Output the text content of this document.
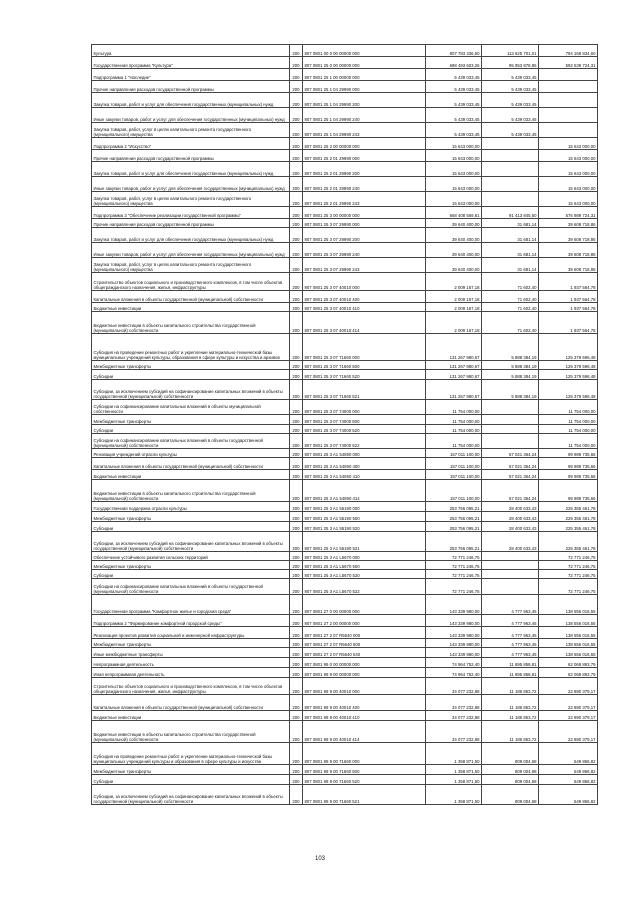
Культура	200	807 0801 00 0 00 00000 000	807 783 336,60	113 625 701,01	794 168 834,60
Государственная программа "Культура"	200	807 0801 25 0 00 00000 000	688 493 603,26	95 953 878,85	592 539 724,31
Подпрограмма 1 "Наследие"	200	807 0801 25 1 00 00000 000	5 439 033,45	5 439 033,45	
Прочие направления расходов государственной программы	200	807 0801 25 1 04 29990 000	5 439 033,45	5 439 033,45	
Закупка товаров, работ и услуг для обеспечения государственных (муниципальных) нужд	200	807 0801 25 1 04 29990 200	5 439 033,45	5 439 033,45	
Иные закупки товаров, работ и услуг для обеспечения государственных (муниципальных) нужд	200	807 0801 25 1 04 29990 240	5 439 033,45	5 439 033,45	
Закупка товаров, работ, услуг в целях капитального ремонта государственного (муниципального) имущества	200	807 0801 25 1 04 29990 243	5 439 033,45	5 439 033,45	
Подпрограмма 2 "Искусство"	200	807 0801 25 2 00 00000 000	15 643 000,00		15 643 000,00
Прочие направления расходов государственной программы	200	807 0801 25 2 01 29990 000	15 643 000,00		15 643 000,00
Закупка товаров, работ и услуг для обеспечения государственных (муниципальных) нужд	200	807 0801 25 2 01 29990 200	15 643 000,00		15 643 000,00
Иные закупки товаров, работ и услуг для обеспечения государственных (муниципальных) нужд	200	807 0801 25 2 01 29990 240	15 643 000,00		15 643 000,00
Закупка товаров, работ, услуг в целях капитального ремонта государственного (муниципального) имущества	200	807 0801 25 2 01 29990 243	15 643 000,00		15 643 000,00
Подпрограмма 3 "Обеспечение реализации государственной программы"	200	807 0801 25 3 00 00000 000	668 408 569,81	91 413 845,50	576 989 724,31
Прочие направления расходов государственной программы	200	807 0801 25 3 07 29990 000	39 640 400,00	31 681,14	39 608 718,86
Закупка товаров, работ и услуг для обеспечения государственных (муниципальных) нужд	200	807 0801 25 3 07 29990 200	39 640 400,00	31 681,14	39 608 718,86
Иные закупки товаров, работ и услуг для обеспечения государственных (муниципальных) нужд	200	807 0801 25 3 07 29990 240	39 640 400,00	31 681,14	39 608 718,86
Закупка товаров, работ, услуг в целях капитального ремонта государственного (муниципального) имущества	200	807 0801 25 3 07 29990 243	39 640 400,00	31 681,14	39 608 718,86
Строительство объектов социального и производственного комплексов, в том числе объектов общегражданского назначения, жилья, инфраструктуры	200	807 0801 25 3 07 40010 000	2 009 167,18	71 602,40	1 937 564,78
Капитальные вложения в объекты государственной (муниципальной) собственности	200	807 0801 25 3 07 40010 400	2 009 167,18	71 602,40	1 937 564,78
Бюджетные инвестиции	200	807 0801 25 3 07 40010 410	2 009 167,18	71 602,40	1 937 564,78
Бюджетные инвестиции в объекты капитального строительства государственной (муниципальной) собственности	200	807 0801 25 3 07 40010 414	2 009 167,18	71 602,40	1 937 564,78
Субсидия на проведение ремонтных работ и укрепление материально-технической базы муниципальных учреждений культуры, образования в сфере культуры и искусства и архивов	200	807 0801 25 3 07 71660 000	131 267 980,67	5 888 384,19	125 379 596,48
Межбюджетные трансферты	200	807 0801 25 3 07 71660 500	131 267 980,67	5 888 384,19	125 379 596,48
Субсидии	200	807 0801 25 3 07 71660 520	131 267 980,67	5 888 384,19	125 379 596,48
Субсидии, за исключением субсидий на софинансирование капитальных вложений в объекты государственной (муниципальной) собственности	200	807 0801 25 3 07 71660 521	131 267 980,67	5 888 384,19	125 379 596,48
Субсидии на софинансирование капитальных вложений в объекты муниципальной собственности	200	807 0801 25 3 07 74000 000	11 754 000,00		11 754 000,00
Межбюджетные трансферты	200	807 0801 25 3 07 74000 500	11 754 000,00		11 754 000,00
Субсидии	200	807 0801 25 3 07 74000 520	11 754 000,00		11 754 000,00
Субсидии на софинансирование капитальных вложений в объекты государственной (муниципальной) собственности	200	807 0801 25 3 07 74000 522	11 754 000,00		11 754 000,00
Реновация учреждений отрасли культуры	200	807 0801 25 3 A1 54590 000	157 011 100,00	57 021 364,24	99 989 735,66
Капитальные вложения в объекты государственной (муниципальной) собственности	200	807 0801 25 3 A1 54590 400	157 011 100,00	57 021 364,24	99 989 735,66
Бюджетные инвестиции	200	807 0801 25 3 A1 54590 410	157 011 100,00	57 021 364,24	99 989 735,66
Бюджетные инвестиции в объекты капитального строительства государственной (муниципальной) собственности	200	807 0801 25 3 A1 54590 414	157 011 100,00	57 021 364,24	99 989 735,66
Государственная поддержка отрасли культуры	200	807 0801 25 3 A1 55190 000	253 756 095,21	28 400 633,43	225 355 461,78
Межбюджетные трансферты	200	807 0801 25 3 A1 55190 500	253 756 095,21	28 400 633,43	225 355 461,78
Субсидии	200	807 0801 25 3 A1 55190 520	253 756 095,21	28 400 633,43	225 355 461,78
Субсидии, за исключением субсидий на софинансирование капитальных вложений в объекты государственной (муниципальной) собственности	200	807 0801 25 3 A1 55190 521	253 756 095,21	28 400 633,43	225 355 461,78
Обеспечение устойчивого развития сельских территорий	200	807 0801 25 3 A1 L5670 000	72 771 246,75		72 771 246,75
Межбюджетные трансферты	200	807 0801 25 3 A1 L5670 500	72 771 246,75		72 771 246,75
Субсидии	200	807 0801 25 3 A1 L5670 520	72 771 246,75		72 771 246,75
Субсидии на софинансирование капитальных вложений в объекты государственной (муниципальной) собственности	200	807 0801 25 3 A1 L5670 522	72 771 246,75		72 771 246,75
Государственная программа "Комфортное жилье и городская среда"	200	807 0801 27 0 00 00000 000	143 339 980,00	4 777 963,45	138 556 016,55
Подпрограмма 2 "Формирование комфортной городской среды"	200	807 0801 27 2 00 00000 000	143 339 980,00	4 777 963,45	138 556 016,55
Реализация проектов развития социальной и инженерной инфраструктуры	200	807 0801 27 2 07 R5640 000	143 339 980,00	4 777 963,45	138 556 016,55
Межбюджетные трансферты	200	807 0801 27 2 07 R5640 500	143 339 980,00	4 777 963,45	138 556 016,55
Иные межбюджетные трансферты	200	807 0801 27 2 07 R5640 540	143 339 980,00	4 777 963,45	138 556 016,55
Непрограммная деятельность	200	807 0801 99 0 00 00000 000	74 964 752,40	11 895 858,81	62 068 893,79
Иная непрограммная деятельность	200	807 0801 99 9 00 00000 000	74 964 752,40	11 895 858,81	62 068 893,79
Строительство объектов социального и производственного комплексов, в том числе объектов общегражданского назначения, жилья, инфраструктуры	200	807 0801 99 9 00 40010 000	34 077 232,88	11 186 853,72	22 890 379,17
Капитальные вложения в объекты государственной (муниципальной) собственности	200	807 0801 99 9 00 40010 400	34 077 232,88	11 186 853,72	22 890 379,17
Бюджетные инвестиции	200	807 0801 99 9 00 40010 410	34 077 232,88	11 186 853,72	22 890 379,17
Бюджетные инвестиции в объекты капитального строительства государственной (муниципальной) собственности	200	807 0801 99 9 00 40010 414	34 077 232,88	11 186 853,72	22 890 379,17
Субсидия на проведение ремонтных работ и укрепление материально-технической базы муниципальных учреждений культуры и образования в сфере культуры и искусства	200	807 0801 99 9 00 71660 000	1 358 871,50	809 004,68	549 866,82
Межбюджетные трансферты	200	807 0801 99 9 00 71660 500	1 358 871,50	809 004,68	549 866,82
Субсидии	200	807 0801 99 9 00 71660 520	1 358 871,50	809 004,68	549 866,82
Субсидии, за исключением субсидий на софинансирование капитальных вложений в объекты государственной (муниципальной) собственности	200	807 0801 99 9 00 71660 521	1 358 871,50	809 004,68	549 866,82
103
